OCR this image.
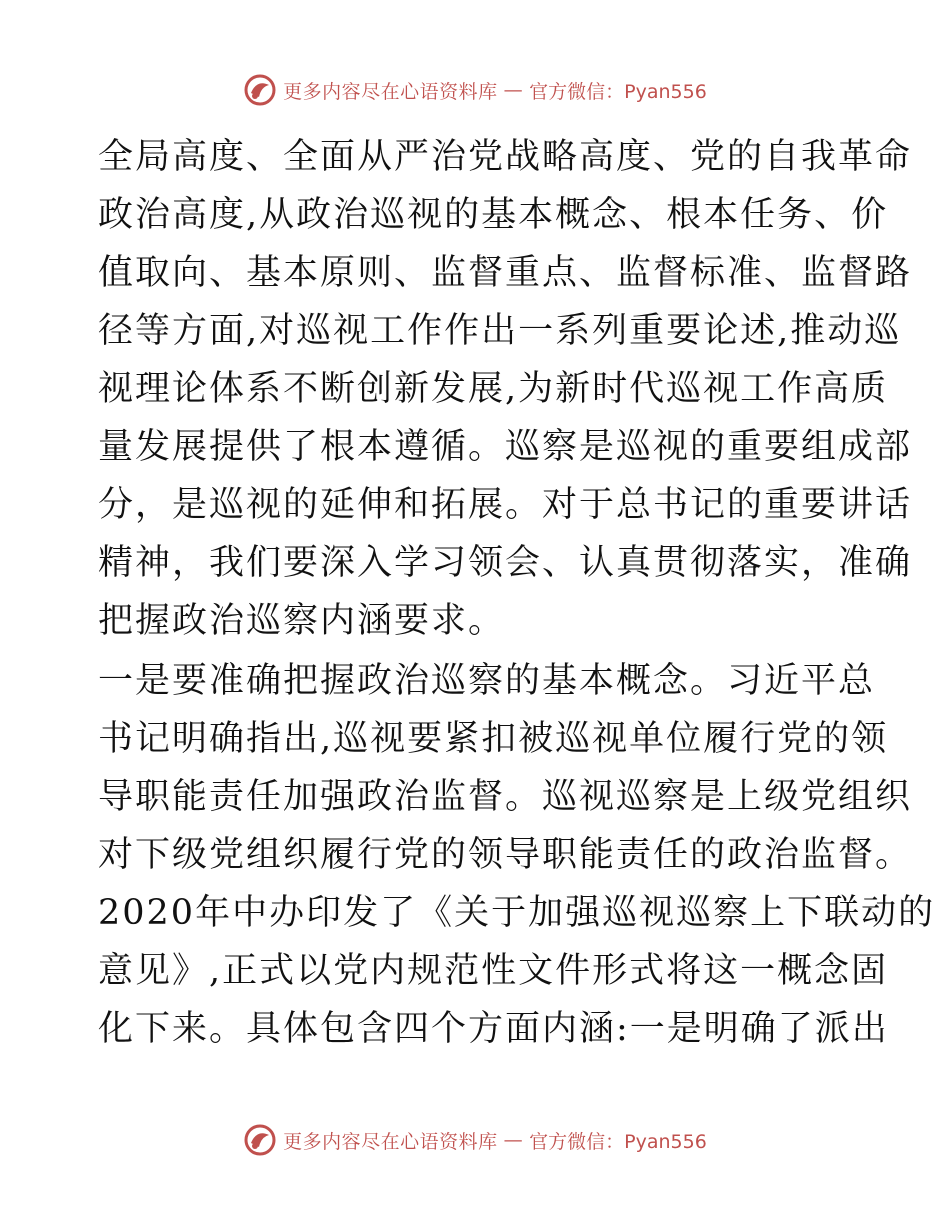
更多内容尽在心语资料库 — 官方微信：Pyan556
全局高度、全面从严治党战略高度、党的自我革命
政治高度,从政治巡视的基本概念、根本任务、价
值取向、基本原则、监督重点、监督标准、监督路
径等方面,对巡视工作作出一系列重要论述,推动巡
视理论体系不断创新发展,为新时代巡视工作高质
量发展提供了根本遵循。巡察是巡视的重要组成部
分，是巡视的延伸和拓展。对于总书记的重要讲话
精神，我们要深入学习领会、认真贯彻落实，准确
把握政治巡察内涵要求。
一是要准确把握政治巡察的基本概念。习近平总
书记明确指出,巡视要紧扣被巡视单位履行党的领
导职能责任加强政治监督。巡视巡察是上级党组织
对下级党组织履行党的领导职能责任的政治监督。
2020年中办印发了《关于加强巡视巡察上下联动的
意见》,正式以党内规范性文件形式将这一概念固
化下来。具体包含四个方面内涵:一是明确了派出
更多内容尽在心语资料库 — 官方微信：Pyan556
